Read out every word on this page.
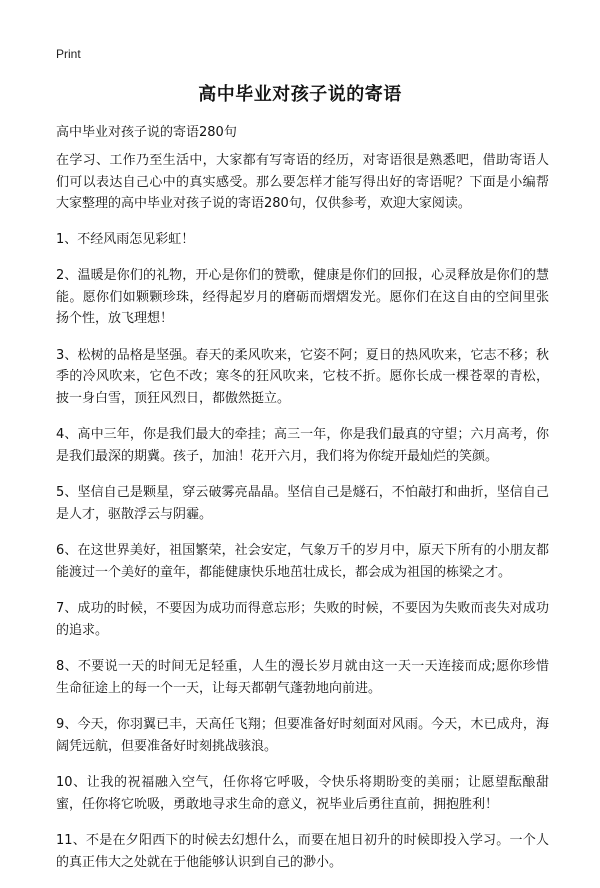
Print
高中毕业对孩子说的寄语
高中毕业对孩子说的寄语280句

在学习、工作乃至生活中，大家都有写寄语的经历，对寄语很是熟悉吧，借助寄语人们可以表达自己心中的真实感受。那么要怎样才能写得出好的寄语呢？下面是小编帮大家整理的高中毕业对孩子说的寄语280句，仅供参考，欢迎大家阅读。

1、不经风雨怎见彩虹！

2、温暖是你们的礼物，开心是你们的赞歌，健康是你们的回报，心灵释放是你们的慧能。愿你们如颗颗珍珠，经得起岁月的磨砺而熠熠发光。愿你们在这自由的空间里张扬个性，放飞理想！

3、松树的品格是坚强。春天的柔风吹来，它姿不阿；夏日的热风吹来，它志不移；秋季的冷风吹来，它色不改；寒冬的狂风吹来，它枝不折。愿你长成一棵苍翠的青松，披一身白雪，顶狂风烈日，都傲然挺立。

4、高中三年，你是我们最大的牵挂；高三一年，你是我们最真的守望；六月高考，你是我们最深的期冀。孩子，加油！花开六月，我们将为你绽开最灿烂的笑颜。

5、坚信自己是颗星，穿云破雾亮晶晶。坚信自己是燧石，不怕敲打和曲折，坚信自己是人才，驱散浮云与阴霾。

6、在这世界美好，祖国繁荣，社会安定，气象万千的岁月中，原天下所有的小朋友都能渡过一个美好的童年，都能健康快乐地茁壮成长，都会成为祖国的栋梁之才。

7、成功的时候，不要因为成功而得意忘形；失败的时候，不要因为失败而丧失对成功的追求。

8、不要说一天的时间无足轻重，人生的漫长岁月就由这一天一天连接而成;愿你珍惜生命征途上的每一个一天，让每天都朝气蓬勃地向前进。

9、今天，你羽翼已丰，天高任飞翔；但要准备好时刻面对风雨。今天，木已成舟，海阔凭远航，但要准备好时刻挑战骇浪。

10、让我的祝福融入空气，任你将它呼吸，令快乐将期盼变的美丽；让愿望酝酿甜蜜，任你将它吮吸，勇敢地寻求生命的意义，祝毕业后勇往直前，拥抱胜利！

11、不是在夕阳西下的时候去幻想什么，而要在旭日初升的时候即投入学习。一个人的真正伟大之处就在于他能够认识到自己的渺小。
